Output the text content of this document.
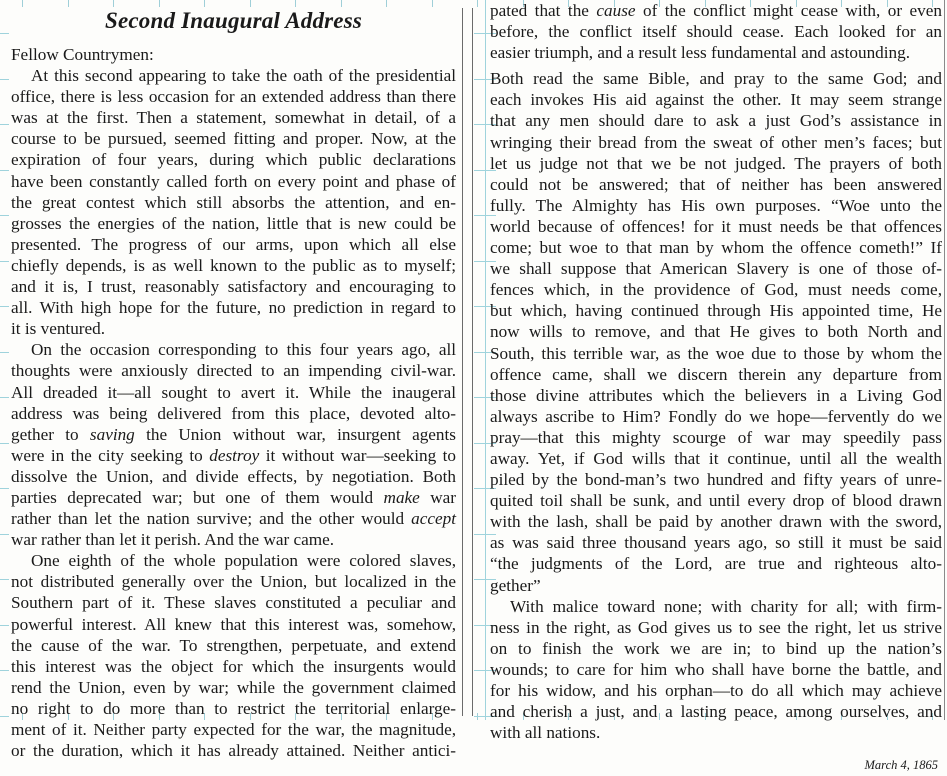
Second Inaugural Address

Fellow Countrymen:

At this second appearing to take the oath of the presidential
office, there is less occasion for an extended address than there
was at the first. Then a statement, somewhat in detail, of a
course to be pursued, seemed fitting and proper. Now, at the
expiration of four years, during which public declarations
have been constantly called forth on every point and phase of
the great contest which still absorbs the attention, and en-
grosses the energies of the nation, little that is new could be
presented. The progress of our arms, upon which all else
chiefly depends, is as well known to the public as to myself;
and it is, I trust, reasonably satisfactory and encouraging to
all. With high hope for the future, no prediction in regard to
it is ventured.
On the occasion corresponding to this four years ago, all
thoughts were anxiously directed to an impending civil-war.
All dreaded it—all sought to avert it. While the inaugeral
address was being delivered from this place, devoted alto-
gether to saving the Union without war, insurgent agents
were in the city seeking to destroy it without war—seeking to
dissolve the Union, and divide effects, by negotiation. Both
parties deprecated war; but one of them would make war
rather than let the nation survive; and the other would accept
war rather than let it perish. And the war came.
One eighth of the whole population were colored slaves,
not distributed generally over the Union, but localized in the
Southern part of it. These slaves constituted a peculiar and
powerful interest. All knew that this interest was, somehow,
the cause of the war. To strengthen, perpetuate, and extend
this interest was the object for which the insurgents would
rend the Union, even by war; while the government claimed
no right to do more than to restrict the territorial enlarge-
ment of it. Neither party expected for the war, the magnitude,
or the duration, which it has already attained. Neither antici-
pated that the cause of the conflict might cease with, or even
before, the conflict itself should cease. Each looked for an
easier triumph, and a result less fundamental and astounding.
Both read the same Bible, and pray to the same God; and
each invokes His aid against the other. It may seem strange
that any men should dare to ask a just God’s assistance in
wringing their bread from the sweat of other men’s faces; but
let us judge not that we be not judged. The prayers of both
could not be answered; that of neither has been answered
fully. The Almighty has His own purposes. “Woe unto the
world because of offences! for it must needs be that offences
come; but woe to that man by whom the offence cometh!” If
we shall suppose that American Slavery is one of those of-
fences which, in the providence of God, must needs come,
but which, having continued through His appointed time, He
now wills to remove, and that He gives to both North and
South, this terrible war, as the woe due to those by whom the
offence came, shall we discern therein any departure from
those divine attributes which the believers in a Living God
always ascribe to Him? Fondly do we hope—fervently do we
pray—that this mighty scourge of war may speedily pass
away. Yet, if God wills that it continue, until all the wealth
piled by the bond-man’s two hundred and fifty years of unre-
quited toil shall be sunk, and until every drop of blood drawn
with the lash, shall be paid by another drawn with the sword,
as was said three thousand years ago, so still it must be said
“the judgments of the Lord, are true and righteous alto-
gether”
With malice toward none; with charity for all; with firm-
ness in the right, as God gives us to see the right, let us strive
on to finish the work we are in; to bind up the nation’s
wounds; to care for him who shall have borne the battle, and
for his widow, and his orphan—to do all which may achieve
and cherish a just, and a lasting peace, among ourselves, and
with all nations.
March 4, 1865
